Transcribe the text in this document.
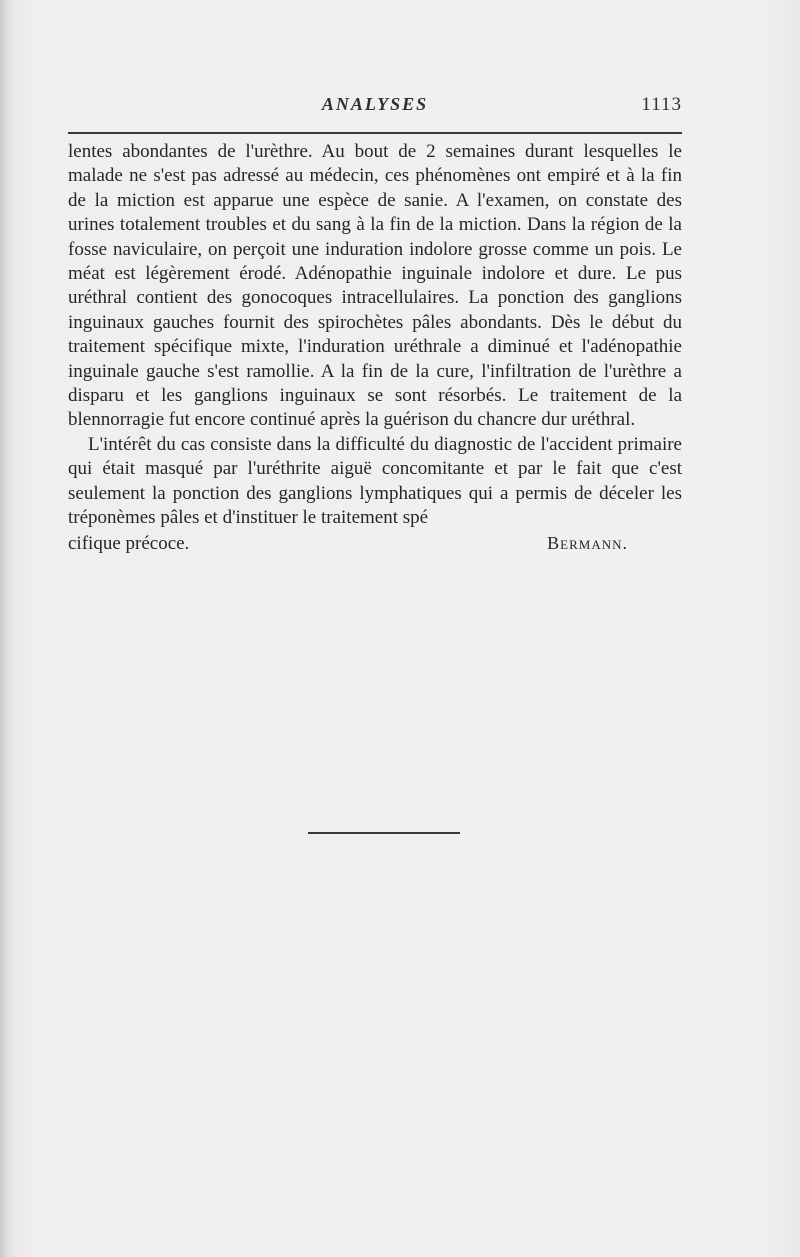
ANALYSES	1113

lentes abondantes de l'urèthre. Au bout de 2 semaines durant lesquelles le malade ne s'est pas adressé au médecin, ces phénomènes ont empiré et à la fin de la miction est apparue une espèce de sanie. A l'examen, on constate des urines totalement troubles et du sang à la fin de la miction. Dans la région de la fosse naviculaire, on perçoit une induration indolore grosse comme un pois. Le méat est légèrement érodé. Adénopathie inguinale indolore et dure. Le pus uréthral contient des gonocoques intracellulaires. La ponction des ganglions inguinaux gauches fournit des spirochètes pâles abondants. Dès le début du traitement spécifique mixte, l'induration uréthrale a diminué et l'adénopathie inguinale gauche s'est ramollie. A la fin de la cure, l'infiltration de l'urèthre a disparu et les ganglions inguinaux se sont résorbés. Le traitement de la blennorragie fut encore continué après la guérison du chancre dur uréthral.

L'intérêt du cas consiste dans la difficulté du diagnostic de l'accident primaire qui était masqué par l'uréthrite aiguë concomitante et par le fait que c'est seulement la ponction des ganglions lymphatiques qui a permis de déceler les tréponèmes pâles et d'instituer le traitement spé

cifique précoce.	Bermann.
